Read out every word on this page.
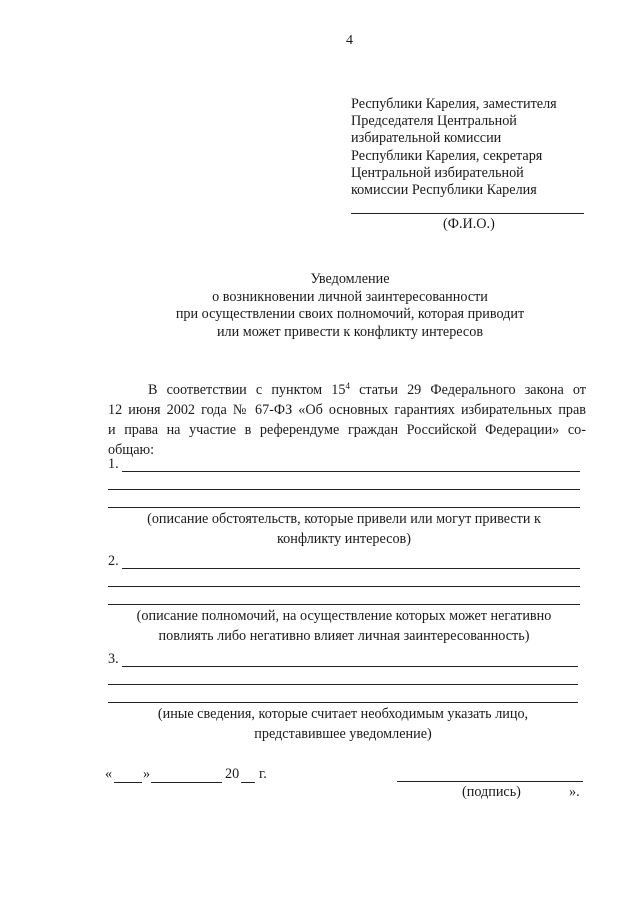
4
Республики Карелия, заместителя
Председателя Центральной
избирательной комиссии
Республики Карелия, секретаря
Центральной избирательной
комиссии Республики Карелия
(Ф.И.О.)
Уведомление
о возникновении личной заинтересованности
при осуществлении своих полномочий, которая приводит
или может привести к конфликту интересов
В соответствии с пунктом $15^4$ статьи 29 Федерального закона от
12 июня 2002 года № 67-ФЗ «Об основных гарантиях избирательных прав
и права на участие в референдуме граждан Российской Федерации» со-
общаю:
1.
(описание обстоятельств, которые привели или могут привести к
конфликту интересов)
2.
(описание полномочий, на осуществление которых может негативно
повлиять либо негативно влияет личная заинтересованность)
3.
(иные сведения, которые считает необходимым указать лицо,
представившее уведомление)
« »	20 г.
(подпись)	».
